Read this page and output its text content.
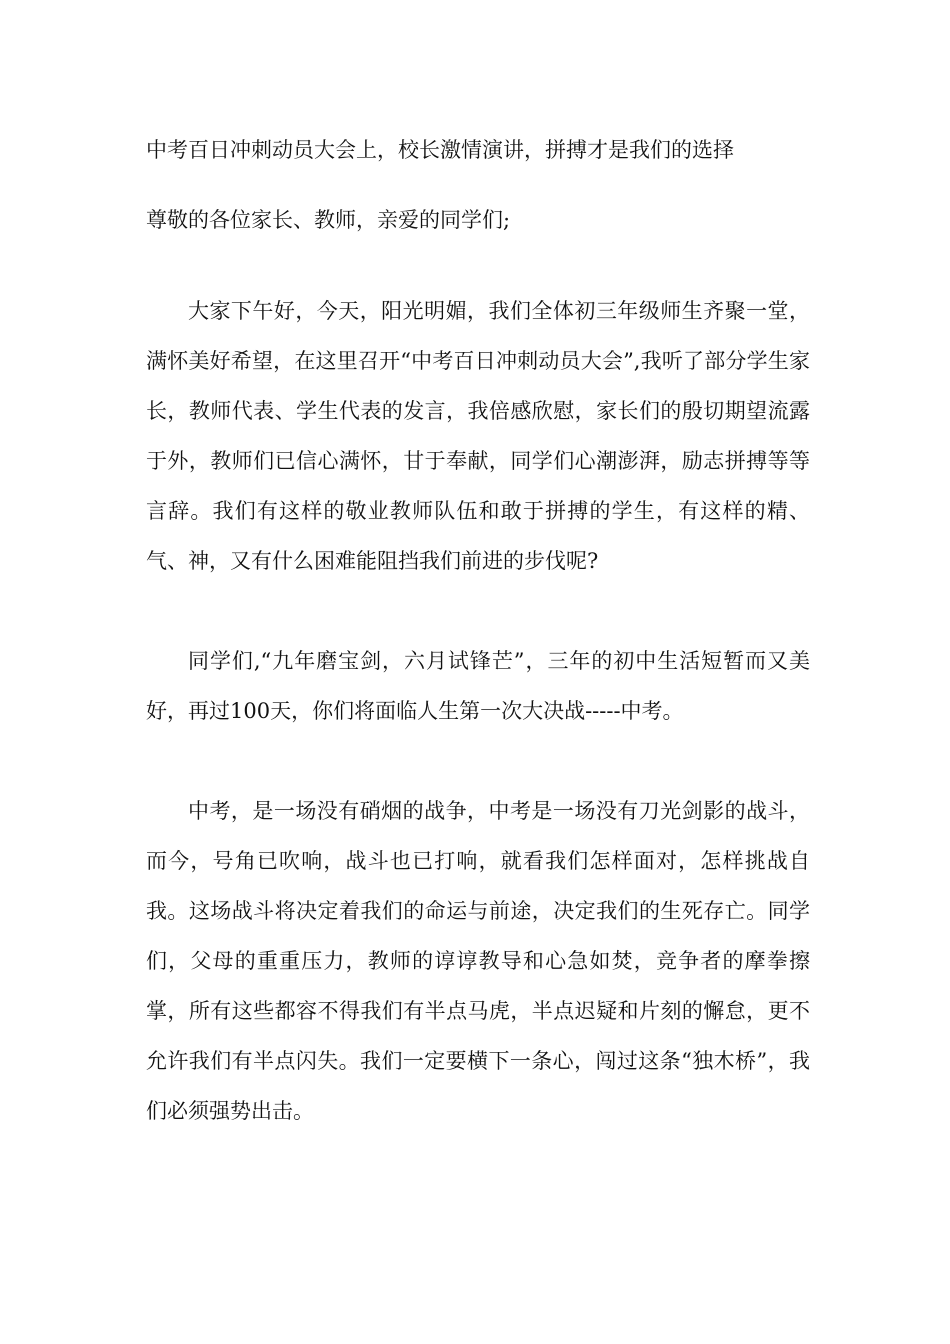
中考百日冲刺动员大会上，校长激情演讲，拼搏才是我们的选择

尊敬的各位家长、教师，亲爱的同学们;

大家下午好，今天，阳光明媚，我们全体初三年级师生齐聚一堂，满怀美好希望，在这里召开“中考百日冲刺动员大会”,我听了部分学生家长，教师代表、学生代表的发言，我倍感欣慰，家长们的殷切期望流露于外，教师们已信心满怀，甘于奉献，同学们心潮澎湃，励志拼搏等等言辞。我们有这样的敬业教师队伍和敢于拼搏的学生，有这样的精、气、神，又有什么困难能阻挡我们前进的步伐呢?

同学们,“九年磨宝剑，六月试锋芒”，三年的初中生活短暂而又美好，再过100天，你们将面临人生第一次大决战-----中考。

中考，是一场没有硝烟的战争，中考是一场没有刀光剑影的战斗，而今，号角已吹响，战斗也已打响，就看我们怎样面对，怎样挑战自我。这场战斗将决定着我们的命运与前途，决定我们的生死存亡。同学们，父母的重重压力，教师的谆谆教导和心急如焚，竞争者的摩拳擦掌，所有这些都容不得我们有半点马虎，半点迟疑和片刻的懈怠，更不允许我们有半点闪失。我们一定要横下一条心，闯过这条“独木桥”，我们必须强势出击。
